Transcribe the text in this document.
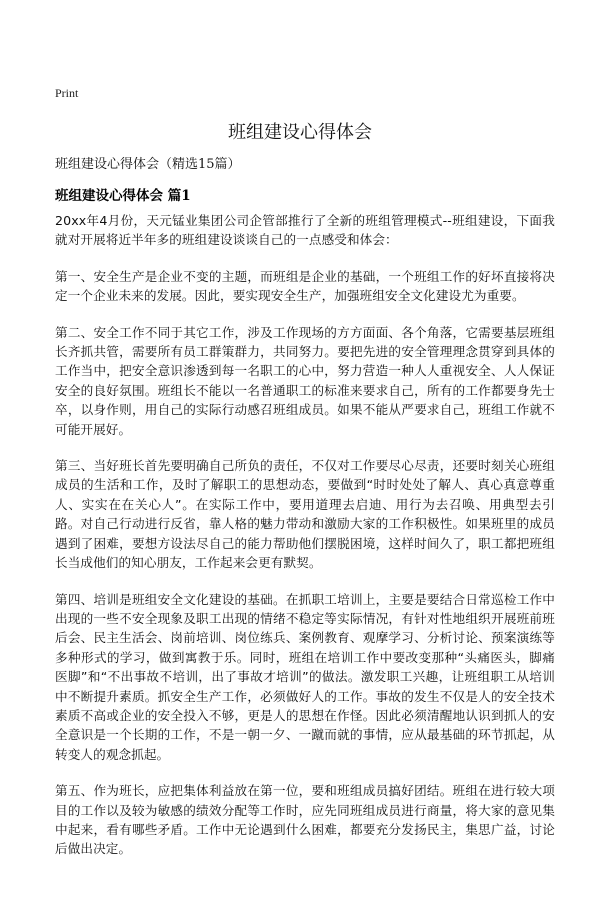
Print
班组建设心得体会
班组建设心得体会（精选15篇）
班组建设心得体会 篇1

20xx年4月份，天元锰业集团公司企管部推行了全新的班组管理模式--班组建设，下面我就对开展将近半年多的班组建设谈谈自己的一点感受和体会：

第一、安全生产是企业不变的主题，而班组是企业的基础，一个班组工作的好坏直接将决定一个企业未来的发展。因此，要实现安全生产，加强班组安全文化建设尤为重要。

第二、安全工作不同于其它工作，涉及工作现场的方方面面、各个角落，它需要基层班组长齐抓共管，需要所有员工群策群力，共同努力。要把先进的安全管理理念贯穿到具体的工作当中，把安全意识渗透到每一名职工的心中，努力营造一种人人重视安全、人人保证安全的良好氛围。班组长不能以一名普通职工的标准来要求自己，所有的工作都要身先士卒，以身作则，用自己的实际行动感召班组成员。如果不能从严要求自己，班组工作就不可能开展好。

第三、当好班长首先要明确自己所负的责任，不仅对工作要尽心尽责，还要时刻关心班组成员的生活和工作，及时了解职工的思想动态，要做到“时时处处了解人、真心真意尊重人、实实在在关心人”。在实际工作中，要用道理去启迪、用行为去召唤、用典型去引路。对自己行动进行反省，靠人格的魅力带动和激励大家的工作积极性。如果班里的成员遇到了困难，要想方设法尽自己的能力帮助他们摆脱困境，这样时间久了，职工都把班组长当成他们的知心朋友，工作起来会更有默契。

第四、培训是班组安全文化建设的基础。在抓职工培训上，主要是要结合日常巡检工作中出现的一些不安全现象及职工出现的情绪不稳定等实际情况，有针对性地组织开展班前班后会、民主生活会、岗前培训、岗位练兵、案例教育、观摩学习、分析讨论、预案演练等多种形式的学习，做到寓教于乐。同时，班组在培训工作中要改变那种“头痛医头，脚痛医脚”和“不出事故不培训，出了事故才培训”的做法。激发职工兴趣，让班组职工从培训中不断提升素质。抓安全生产工作，必须做好人的工作。事故的发生不仅是人的安全技术素质不高或企业的安全投入不够，更是人的思想在作怪。因此必须清醒地认识到抓人的安全意识是一个长期的工作，不是一朝一夕、一蹴而就的事情，应从最基础的环节抓起，从转变人的观念抓起。

第五、作为班长，应把集体利益放在第一位，要和班组成员搞好团结。班组在进行较大项目的工作以及较为敏感的绩效分配等工作时，应先同班组成员进行商量，将大家的意见集中起来，看有哪些矛盾。工作中无论遇到什么困难，都要充分发扬民主，集思广益，讨论后做出决定。
